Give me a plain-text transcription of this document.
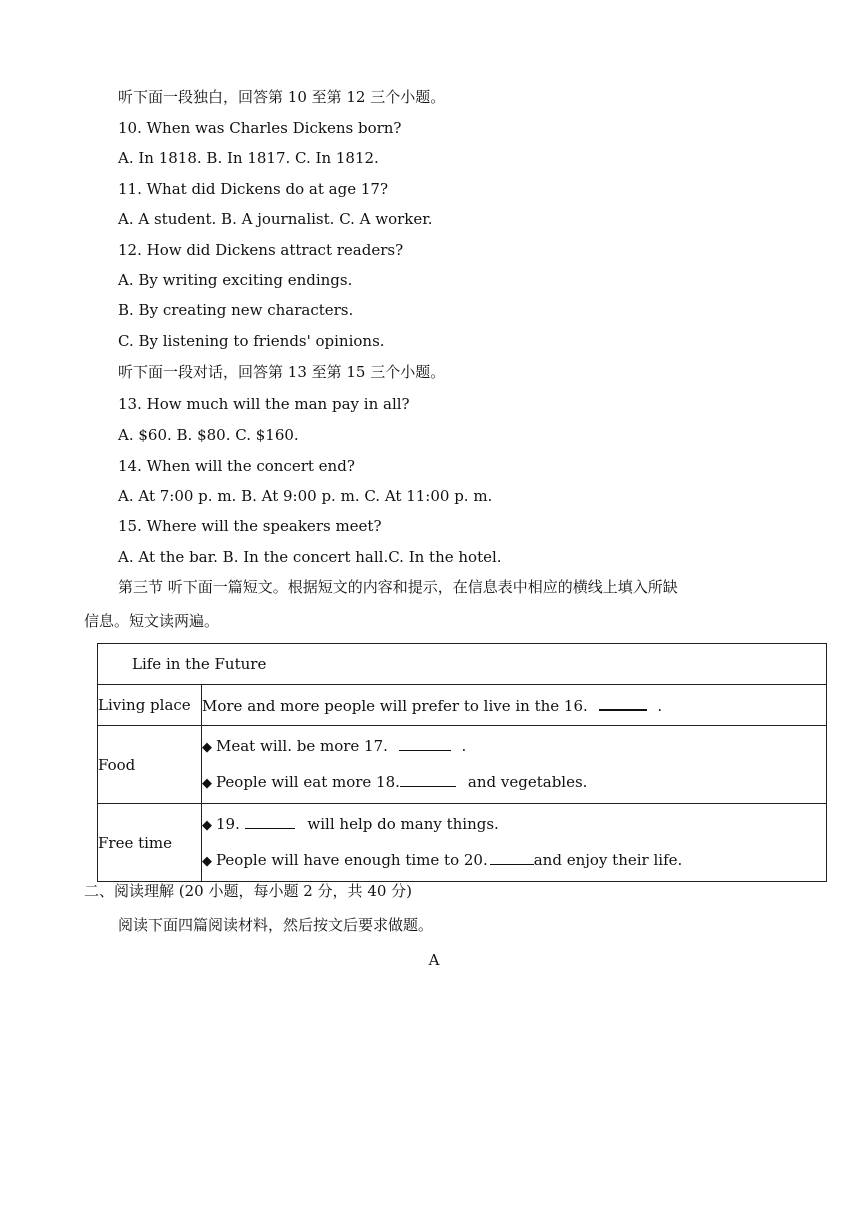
听下面一段独白，回答第 10 至第 12 三个小题。
10. When was Charles Dickens born?
A. In 1818. B. In 1817. C. In 1812.
11. What did Dickens do at age 17?
A. A student. B. A journalist. C. A worker.
12. How did Dickens attract readers?
A. By writing exciting endings.
B. By creating new characters.
C. By listening to friends' opinions.
听下面一段对话，回答第 13 至第 15 三个小题。
13. How much will the man pay in all?
A. $60. B. $80. C. $160.
14. When will the concert end?
A. At 7:00 p. m. B. At 9:00 p. m. C. At 11:00 p. m.
15. Where will the speakers meet?
A. At the bar. B. In the concert hall.C. In the hotel.
第三节 听下面一篇短文。根据短文的内容和提示，在信息表中相应的横线上填入所缺
信息。短文读两遍。
Life in the Future	
Living place	More and more people will prefer to live in the 16. .
Food	◆ Meat will. be more 17. .
◆ People will eat more 18. and vegetables.

Free time	◆ 19. will help do many things.
◆ People will have enough time to 20. and enjoy their life.
二、阅读理解 (20 小题，每小题 2 分，共 40 分)
阅读下面四篇阅读材料，然后按文后要求做题。
A
